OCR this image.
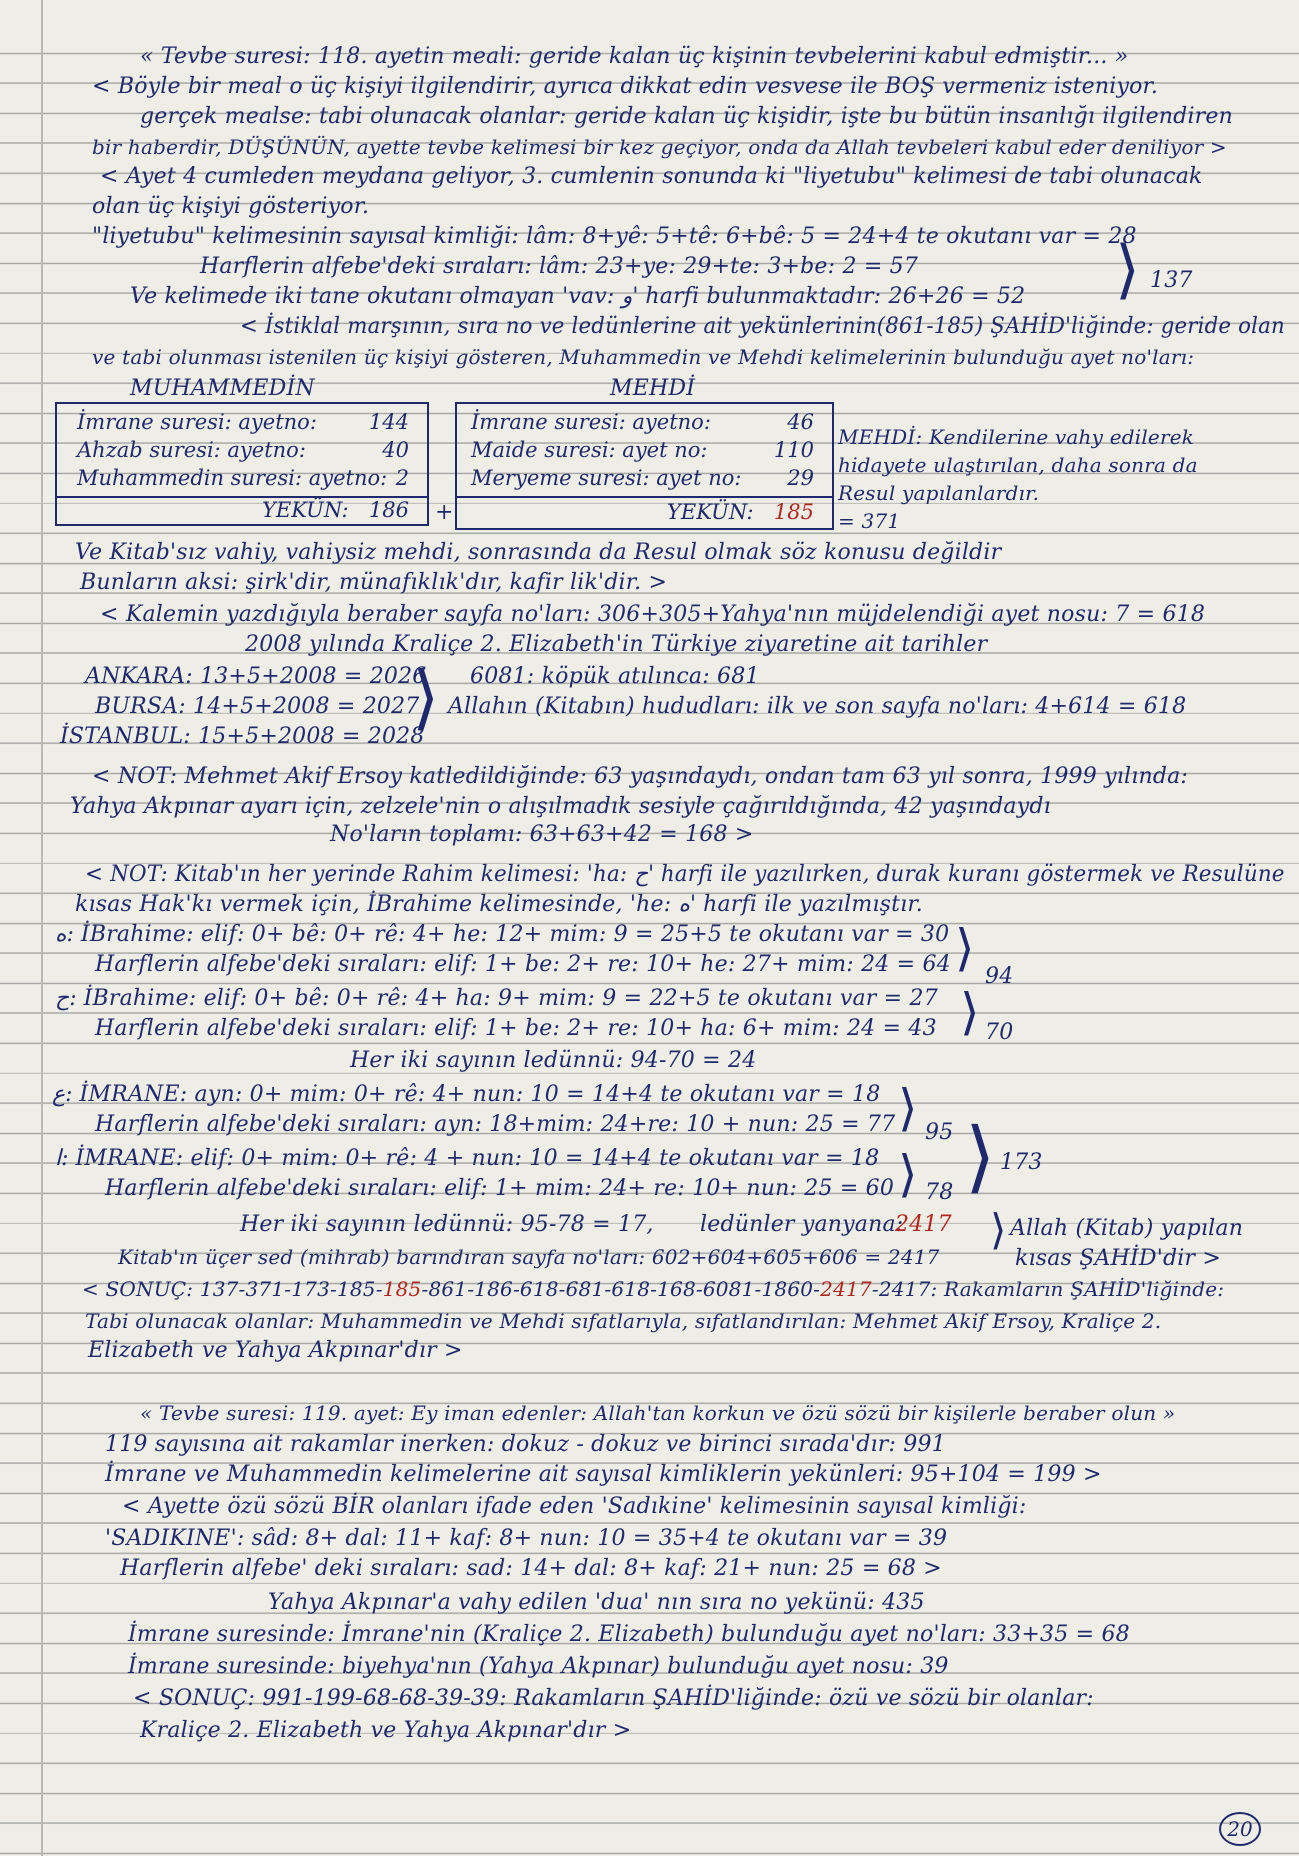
« Tevbe suresi: 118. ayetin meali: geride kalan üç kişinin tevbelerini kabul edmiştir... »
< Böyle bir meal o üç kişiyi ilgilendirir, ayrıca dikkat edin vesvese ile BOŞ vermeniz isteniyor.
gerçek mealse: tabi olunacak olanlar: geride kalan üç kişidir, işte bu bütün insanlığı ilgilendiren
bir haberdir, DÜŞÜNÜN, ayette tevbe kelimesi bir kez geçiyor, onda da Allah tevbeleri kabul eder deniliyor >
< Ayet 4 cumleden meydana geliyor, 3. cumlenin sonunda ki "liyetubu" kelimesi de tabi olunacak
olan üç kişiyi gösteriyor.
"liyetubu" kelimesinin sayısal kimliği: lâm: 8+yê: 5+tê: 6+bê: 5 = 24+4 te okutanı var = 28
Harflerin alfebe'deki sıraları: lâm: 23+ye: 29+te: 3+be: 2 = 57
Ve kelimede iki tane okutanı olmayan 'vav: و' harfi bulunmaktadır: 26+26 = 52 ⟩ 137
< İstiklal marşının, sıra no ve ledünlerine ait yekünlerinin(861-185) ŞAHİD'liğinde: geride olan
ve tabi olunması istenilen üç kişiyi gösteren, Muhammedin ve Mehdi kelimelerinin bulunduğu ayet no'ları:
MUHAMMEDİN	MEHDİ
İmrane suresi: ayetno: 144
Ahzab suresi: ayetno:	40
Muhammedin suresi: ayetno: 2
YEKÜN: 186 +
İmrane suresi: ayetno:	46
Maide suresi: ayet no:	110
Meryeme suresi: ayet no: 29
YEKÜN: 185
MEHDİ: Kendilerine vahy edilerek
hidayete ulaştırılan, daha sonra da
Resul yapılanlardır.
= 371
Ve Kitab'sız vahiy, vahiysiz mehdi, sonrasında da Resul olmak söz konusu değildir
Bunların aksi: şirk'dir, münafıklık'dır, kafir lik'dir. >
< Kalemin yazdığıyla beraber sayfa no'ları: 306+305+Yahya'nın müjdelendiği ayet nosu: 7 = 618
2008 yılında Kraliçe 2. Elizabeth'in Türkiye ziyaretine ait tarihler
ANKARA: 13+5+2008 = 2026 6081: köpük atılınca: 681
BURSA: 14+5+2008 = 2027 Allahın (Kitabın) hududları: ilk ve son sayfa no'ları: 4+614 = 618
İSTANBUL: 15+5+2008 = 2028
⟩
< NOT: Mehmet Akif Ersoy katledildiğinde: 63 yaşındaydı, ondan tam 63 yıl sonra, 1999 yılında:
Yahya Akpınar ayarı için, zelzele'nin o alışılmadık sesiyle çağırıldığında, 42 yaşındaydı
No'ların toplamı: 63+63+42 = 168 >
< NOT: Kitab'ın her yerinde Rahim kelimesi: 'ha: ح' harfi ile yazılırken, durak kuranı göstermek ve Resulüne
kısas Hak'kı vermek için, İBrahime kelimesinde, 'he: ه' harfi ile yazılmıştır.
ه: İBrahime: elif: 0+ bê: 0+ rê: 4+ he: 12+ mim: 9 = 25+5 te okutanı var = 30
Harflerin alfebe'deki sıraları: elif: 1+ be: 2+ re: 10+ he: 27+ mim: 24 = 64 ⟩ 94
ح: İBrahime: elif: 0+ bê: 0+ rê: 4+ ha: 9+ mim: 9 = 22+5 te okutanı var = 27
Harflerin alfebe'deki sıraları: elif: 1+ be: 2+ re: 10+ ha: 6+ mim: 24 = 43 ⟩ 70
Her iki sayının ledünnü: 94-70 = 24
ع: İMRANE: ayn: 0+ mim: 0+ rê: 4+ nun: 10 = 14+4 te okutanı var = 18
Harflerin alfebe'deki sıraları: ayn: 18+mim: 24+re: 10 + nun: 25 = 77 ⟩ 95 ⟩ 173
ا: İMRANE: elif: 0+ mim: 0+ rê: 4 + nun: 10 = 14+4 te okutanı var = 18
Harflerin alfebe'deki sıraları: elif: 1+ mim: 24+ re: 10+ nun: 25 = 60 ⟩ 78
Her iki sayının ledünnü: 95-78 = 17, ledünler yanyana:
2417 ⟩ Allah (Kitab) yapılan
Kitab'ın üçer sed (mihrab) barındıran sayfa no'ları: 602+604+605+606 = 2417	kısas ŞAHİD'dir >
< SONUÇ: 137-371-173-185-185-861-186-618-681-618-168-6081-1860-2417-2417: Rakamların ŞAHİD'liğinde:
Tabi olunacak olanlar: Muhammedin ve Mehdi sıfatlarıyla, sıfatlandırılan: Mehmet Akif Ersoy, Kraliçe 2.
Elizabeth ve Yahya Akpınar'dır >
« Tevbe suresi: 119. ayet: Ey iman edenler: Allah'tan korkun ve özü sözü bir kişilerle beraber olun »
119 sayısına ait rakamlar inerken: dokuz - dokuz ve birinci sırada'dır: 991
İmrane ve Muhammedin kelimelerine ait sayısal kimliklerin yekünleri: 95+104 = 199 >
< Ayette özü sözü BİR olanları ifade eden 'Sadıkine' kelimesinin sayısal kimliği:
'SADIKINE': sâd: 8+ dal: 11+ kaf: 8+ nun: 10 = 35+4 te okutanı var = 39
Harflerin alfebe' deki sıraları: sad: 14+ dal: 8+ kaf: 21+ nun: 25 = 68 >
Yahya Akpınar'a vahy edilen 'dua' nın sıra no yekünü: 435
İmrane suresinde: İmrane'nin (Kraliçe 2. Elizabeth) bulunduğu ayet no'ları: 33+35 = 68
İmrane suresinde: biyehya'nın (Yahya Akpınar) bulunduğu ayet nosu: 39
< SONUÇ: 991-199-68-68-39-39: Rakamların ŞAHİD'liğinde: özü ve sözü bir olanlar:
Kraliçe 2. Elizabeth ve Yahya Akpınar'dır >
20
